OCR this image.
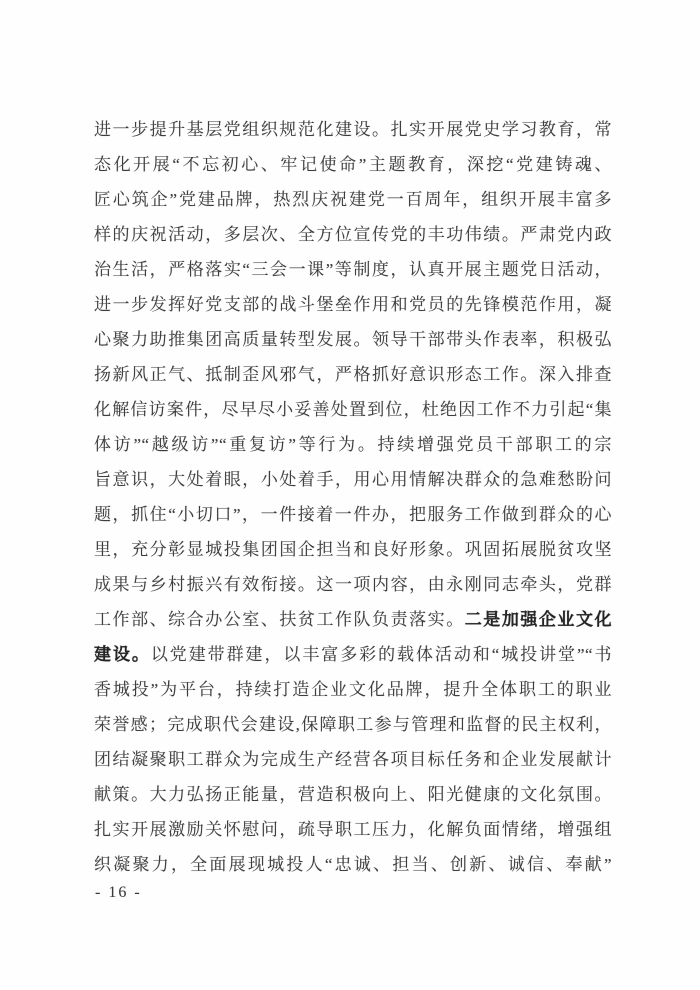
进一步提升基层党组织规范化建设。扎实开展党史学习教育，常
态化开展“不忘初心、牢记使命”主题教育，深挖“党建铸魂、
匠心筑企”党建品牌，热烈庆祝建党一百周年，组织开展丰富多
样的庆祝活动，多层次、全方位宣传党的丰功伟绩。严肃党内政
治生活，严格落实“三会一课”等制度，认真开展主题党日活动，
进一步发挥好党支部的战斗堡垒作用和党员的先锋模范作用，凝
心聚力助推集团高质量转型发展。领导干部带头作表率，积极弘
扬新风正气、抵制歪风邪气，严格抓好意识形态工作。深入排查
化解信访案件，尽早尽小妥善处置到位，杜绝因工作不力引起“集
体访”“越级访”“重复访”等行为。持续增强党员干部职工的宗
旨意识，大处着眼，小处着手，用心用情解决群众的急难愁盼问
题，抓住“小切口”，一件接着一件办，把服务工作做到群众的心
里，充分彰显城投集团国企担当和良好形象。巩固拓展脱贫攻坚
成果与乡村振兴有效衔接。这一项内容，由永刚同志牵头，党群
工作部、综合办公室、扶贫工作队负责落实。二是加强企业文化
建设。以党建带群建，以丰富多彩的载体活动和“城投讲堂”“书
香城投”为平台，持续打造企业文化品牌，提升全体职工的职业
荣誉感；完成职代会建设,保障职工参与管理和监督的民主权利，
团结凝聚职工群众为完成生产经营各项目标任务和企业发展献计
献策。大力弘扬正能量，营造积极向上、阳光健康的文化氛围。
扎实开展激励关怀慰问，疏导职工压力，化解负面情绪，增强组
织凝聚力，全面展现城投人“忠诚、担当、创新、诚信、奉献”
- 16 -
